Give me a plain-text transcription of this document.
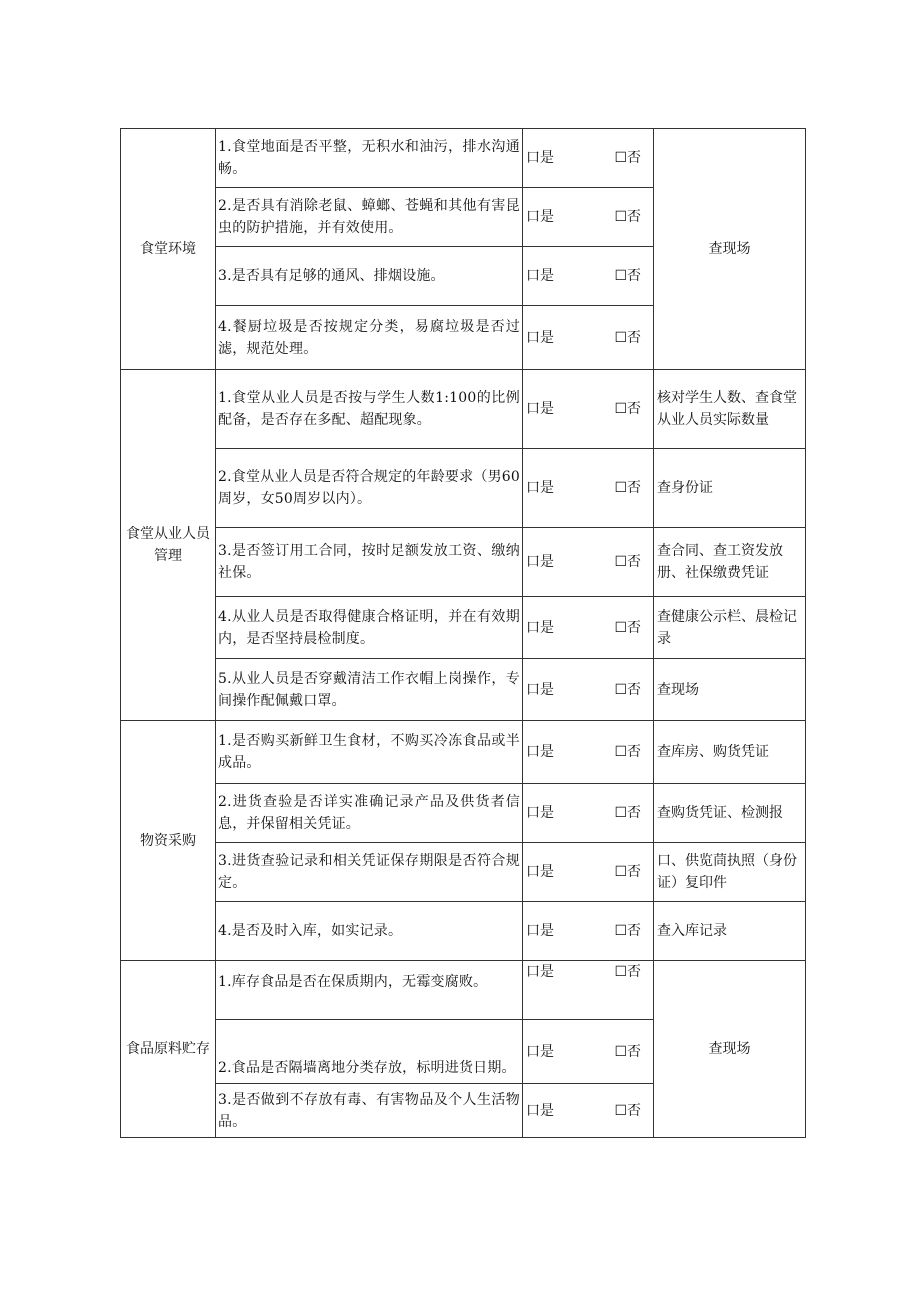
食堂环境	1.食堂地面是否平整，无积水和油污，排水沟通畅。	口是 ☐否	查现场
	2.是否具有消除老鼠、蟑螂、苍蝇和其他有害昆虫的防护措施，并有效使用。	口是 ☐否	

	3.是否具有足够的通风、排烟设施。	口是 ☐否	

	4.餐厨垃圾是否按规定分类，易腐垃圾是否过滤，规范处理。	口是 ☐否	

食堂从业人员管理	1.食堂从业人员是否按与学生人数1:100的比例配备，是否存在多配、超配现象。	口是 ☐否	核对学生人数、查食堂从业人员实际数量
	2.食堂从业人员是否符合规定的年龄要求（男60周岁，女50周岁以内）。	口是 ☐否	查身份证
	3.是否签订用工合同，按时足额发放工资、缴纳社保。	口是 ☐否	查合同、查工资发放册、社保缴费凭证
	4.从业人员是否取得健康合格证明，并在有效期内，是否坚持晨检制度。	口是 ☐否	查健康公示栏、晨检记录
	5.从业人员是否穿戴清洁工作衣帽上岗操作，专间操作配佩戴口罩。	口是 ☐否	查现场
物资采购	1.是否购买新鲜卫生食材，不购买冷冻食品或半成品。	口是 ☐否	查库房、购货凭证
	2.进货查验是否详实准确记录产品及供货者信息，并保留相关凭证。	口是 ☐否	查购货凭证、检测报
	3.进货查验记录和相关凭证保存期限是否符合规定。	口是 ☐否	口、供览茼执照（身份证）复印件
	4.是否及时入库，如实记录。	口是 ☐否	查入库记录
食品原料贮存	1.库存食品是否在保质期内，无霉变腐败。	口是 ☐否	查现场
	2.食品是否隔墙离地分类存放，标明进货日期。	口是 ☐否	

	3.是否做到不存放有毒、有害物品及个人生活物品。	口是 ☐否	
